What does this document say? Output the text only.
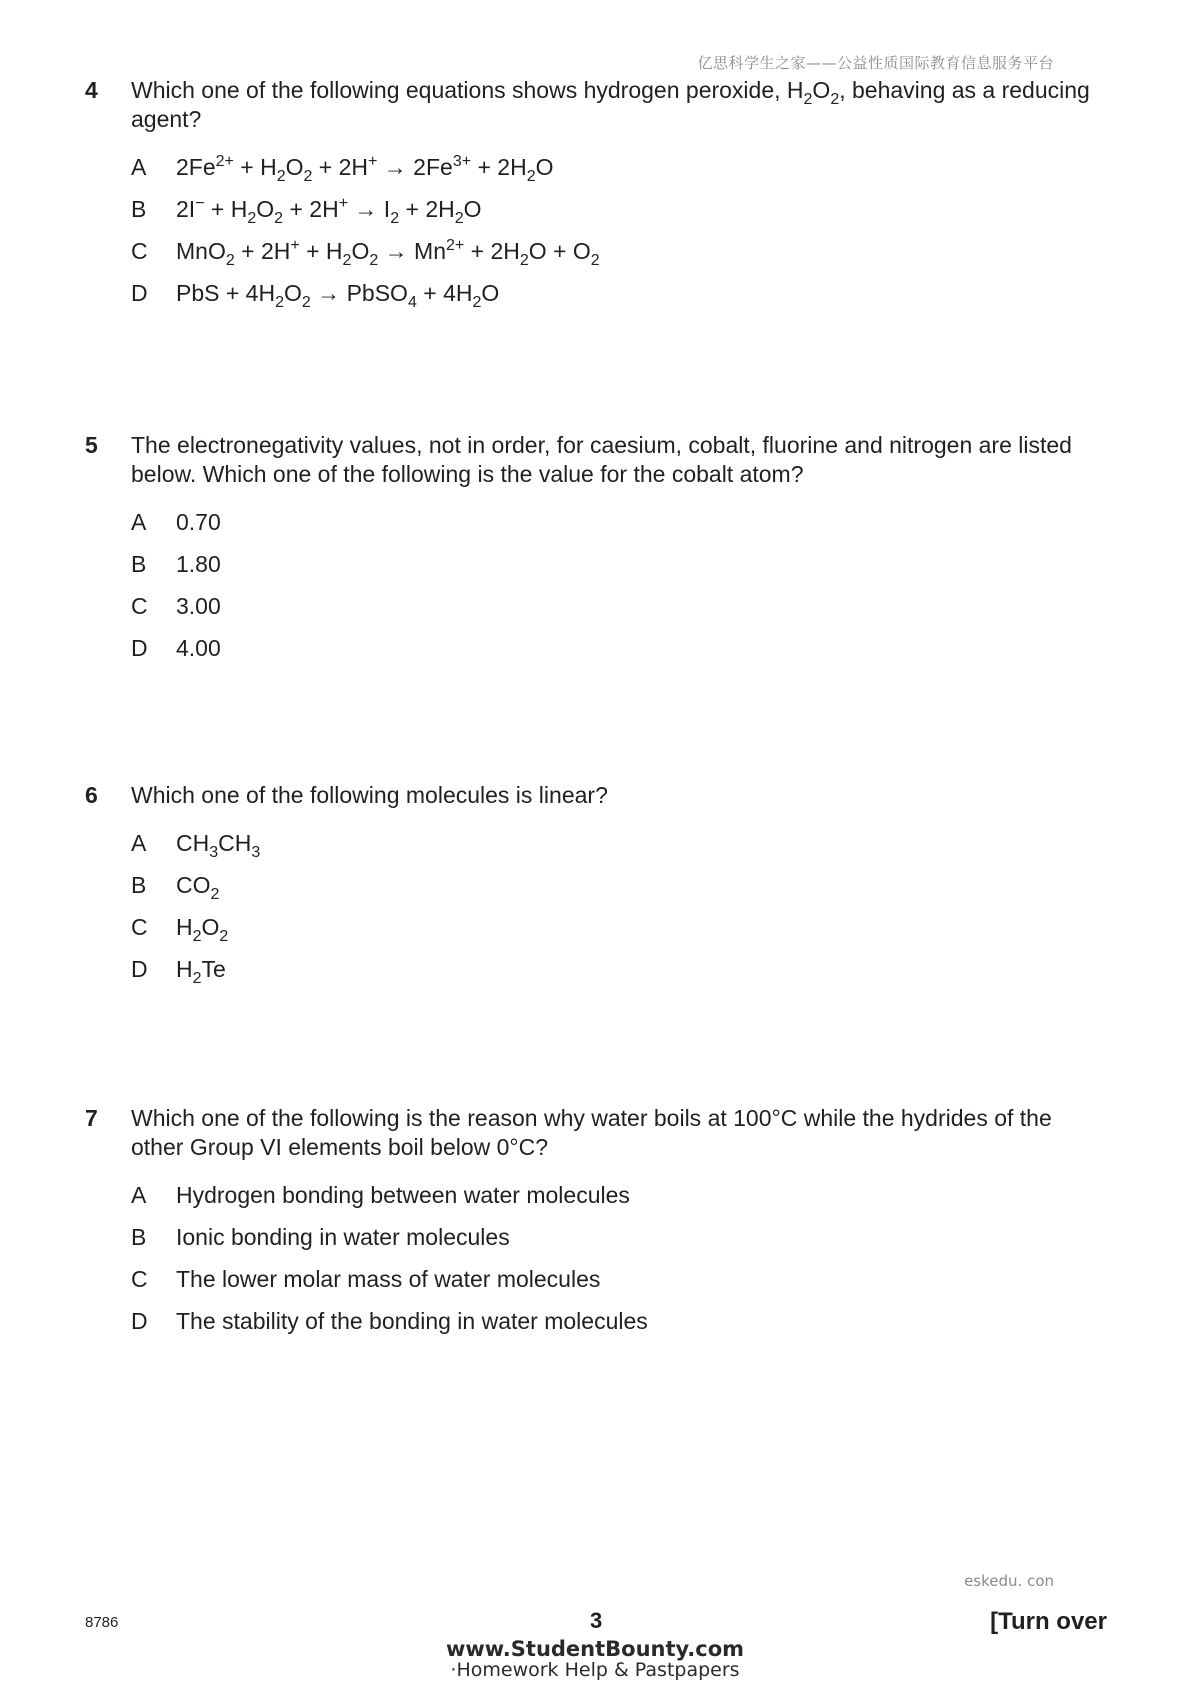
亿思科学生之家——公益性质国际教育信息服务平台
4 Which one of the following equations shows hydrogen peroxide, $H_2O_2$, behaving as a reducing agent?
A	$2Fe^{2+} + H_2O_2 + 2H^+ \to 2Fe^{3+} + 2H_2O$
B	$2I^- + H_2O_2 + 2H^+ \to I_2 + 2H_2O$
C	$MnO_2 + 2H^+ + H_2O_2 \to Mn^{2+} + 2H_2O + O_2$
D	PbS + $4H_2O_2$ → PbSO$_4$ + $4H_2O$
5 The electronegativity values, not in order, for caesium, cobalt, fluorine and nitrogen are listed below. Which one of the following is the value for the cobalt atom?
A	0.70
B	1.80
C	3.00
D	4.00
6 Which one of the following molecules is linear?
A	$CH_3CH_3$
B	$CO_2$
C	$H_2O_2$
D	$H_2Te$
7 Which one of the following is the reason why water boils at 100°C while the hydrides of the other Group VI elements boil below 0°C?
A	Hydrogen bonding between water molecules
B	Ionic bonding in water molecules
C	The lower molar mass of water molecules
D	The stability of the bonding in water molecules
eskedu. con
8786	3	[Turn over
www.StudentBounty.com
·Homework Help & Pastpapers
